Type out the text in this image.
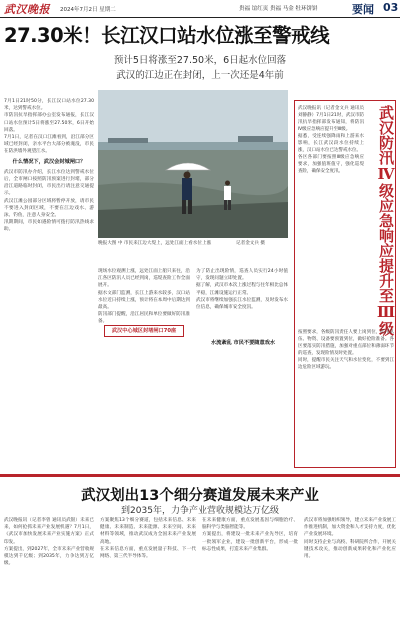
武汉晚报 2024年7月2日 星期二	贵福 谊红页 贵福 马金 牡环饼饼	要闻 03
27.30米！长江汉口站水位涨至警戒线
预计5日将涨至27.50米，6日起水位回落
武汉的江边正在封闭，上一次还是4年前
7月1日21时50分，长江汉口站水位27.30米，达到警戒水位。
市防汛抗旱指挥部办公室发布通报，长江汉口站水位预计5日将涨至27.50米，6日开始回落。
7月1日，记者在汉口江滩看到，沿江部分区域已经封闭，亲水平台大部分被淹没，市民在防洪墙外观望江水。
什么情况下，武汉会封城闸口？
武汉市防汛办介绍，长江水位达到警戒水位后，全市闸口按照防汛预案进行封堵，部分沿江道路临时封闭，市民出行请注意交通提示。
武汉江滩公园部分区域将暂停开放，请市民不要进入封闭区域，不要在江边戏水、游泳、钓鱼，注意人身安全。
汛期期间，市民如遇险情可拨打防汛热线求助。
晚报大图 中 市民来江边大堤上，远处江面上看水位上涨	记者金文兵 摄
现场水位观测上涨，远处江面上船只来往，沿江各区防汛人员已经到岗，巡堤查险工作全面展开。
据水文部门监测，长江上游来水较多，汉口站水位近日持续上涨，预计将在本周中后期达到最高。
防汛部门提醒，沿江居民和单位要做好防汛准备。
为了防止出现险情，巡查人员实行24小时值守，发现问题立即处置。
据了解，武汉市本次上涨过程与往年相比总体平稳，江滩设施运行正常。
武汉市将继续加强长江水位监测，及时发布水位信息，确保城市安全度汛。
武汉中心城区封堵闸口70座
水流紊乱 市民不要随意戏水
武汉防汛Ⅳ级应急响应提升至Ⅲ级
武汉晚报讯（记者金文兵 通讯员刘静静）7月1日21时，武汉市防汛抗旱指挥部发布通知，将防汛Ⅳ级应急响应提升至Ⅲ级。
据悉，受连续强降雨和上游来水影响，长江武汉段水位持续上涨，汉口站水位已达警戒水位。
各区各部门要按照Ⅲ级应急响应要求，加强值班值守，强化巡堤查险，确保安全度汛。
按照要求，各级防汛责任人要上岗到位，防汛队伍、物资、设备要预置到位，做好抢险准备。各区要落实防汛措施，加强对重点部位和薄弱环节的巡查，发现险情及时处置。
同时，提醒市民关注天气和水位变化，不要到江边危险区域游玩。
武汉划出13个细分赛道发展未来产业
到2035年，力争产业营收规模达万亿级
武汉晚报讯（记者李曾 通讯员武银）未来已来，如何抢抓未来产业发展机遇？7月1日，《武汉市加快发展未来产业实施方案》正式印发。
方案提出，到2027年，全市未来产业营收规模达到千亿级；到2035年，力争达到万亿级。
方案聚焦13个细分赛道，包括未来信息、未来健康、未来制造、未来能源、未来空间、未来材料等领域，推动武汉成为全国未来产业发展高地。
在未来信息方面，重点发展量子科技、下一代网络、第三代半导体等。
在未来健康方面，重点发展基因与细胞治疗、脑科学与类脑智能等。
方案提出，将建设一批未来产业先导区，培育一批领军企业，建设一批创新平台，形成一批标志性成果，打造未来产业集群。
武汉市将加强组织领导，建立未来产业发展工作推进机制，加大资金和人才支持力度，优化产业发展环境。
同时支持企业与高校、科研院所合作，开展关键技术攻关，推动创新成果转化和产业化应用。
